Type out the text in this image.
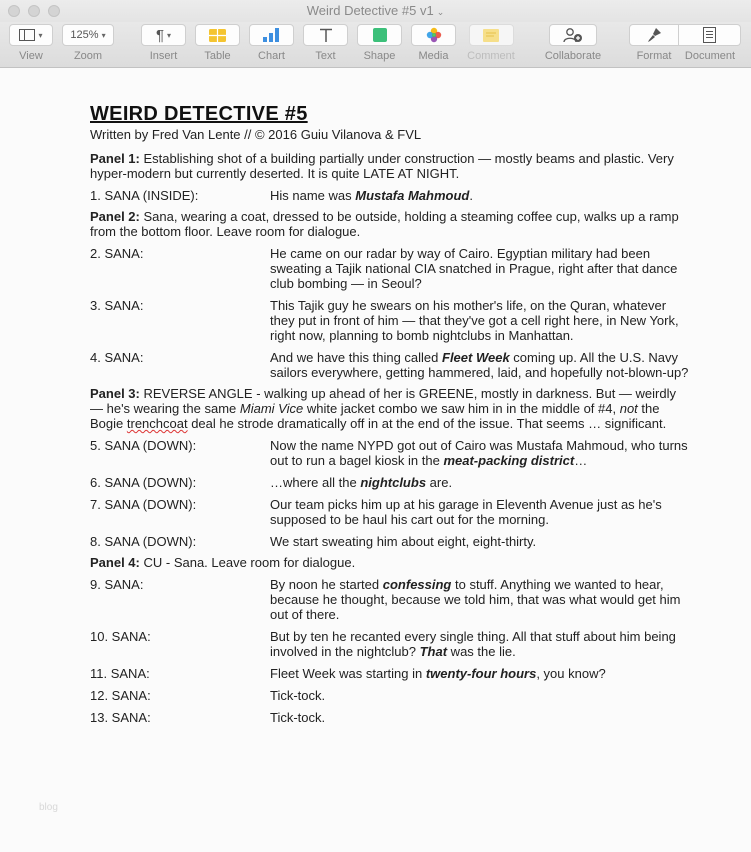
Weird Detective #5 v1 ⌄
▾
View
125% ▾
Zoom
¶ ▾
Insert	Table	Chart	Text	Shape	Media	Comment	Collaborate	Format	Document
WEIRD DETECTIVE #5
Written by Fred Van Lente // © 2016 Guiu Vilanova & FVL
Panel 1: Establishing shot of a building partially under construction — mostly beams and plastic. Very hyper-modern but currently deserted. It is quite LATE AT NIGHT.
1. SANA (INSIDE):	His name was Mustafa Mahmoud.
Panel 2: Sana, wearing a coat, dressed to be outside, holding a steaming coffee cup, walks up a ramp from the bottom floor. Leave room for dialogue.
2. SANA:	He came on our radar by way of Cairo. Egyptian military had been sweating a Tajik national CIA snatched in Prague, right after that dance club bombing — in Seoul?
3. SANA:	This Tajik guy he swears on his mother's life, on the Quran, whatever they put in front of him — that they've got a cell right here, in New York, right now, planning to bomb nightclubs in Manhattan.
4. SANA:	And we have this thing called Fleet Week coming up. All the U.S. Navy sailors everywhere, getting hammered, laid, and hopefully not-blown-up?
Panel 3: REVERSE ANGLE - walking up ahead of her is GREENE, mostly in darkness. But — weirdly — he's wearing the same Miami Vice white jacket combo we saw him in in the middle of #4, not the Bogie trenchcoat deal he strode dramatically off in at the end of the issue. That seems … significant.
5. SANA (DOWN):	Now the name NYPD got out of Cairo was Mustafa Mahmoud, who turns out to run a bagel kiosk in the meat-packing district…
6. SANA (DOWN):	…where all the nightclubs are.
7. SANA (DOWN):	Our team picks him up at his garage in Eleventh Avenue just as he's supposed to be haul his cart out for the morning.
8. SANA (DOWN):	We start sweating him about eight, eight-thirty.
Panel 4: CU - Sana. Leave room for dialogue.
9. SANA:	By noon he started confessing to stuff. Anything we wanted to hear, because he thought, because we told him, that was what would get him out of there.
10. SANA:	But by ten he recanted every single thing. All that stuff about him being involved in the nightclub? That was the lie.
11. SANA:	Fleet Week was starting in twenty-four hours, you know?
12. SANA:	Tick-tock.
13. SANA:	Tick-tock.
blog
